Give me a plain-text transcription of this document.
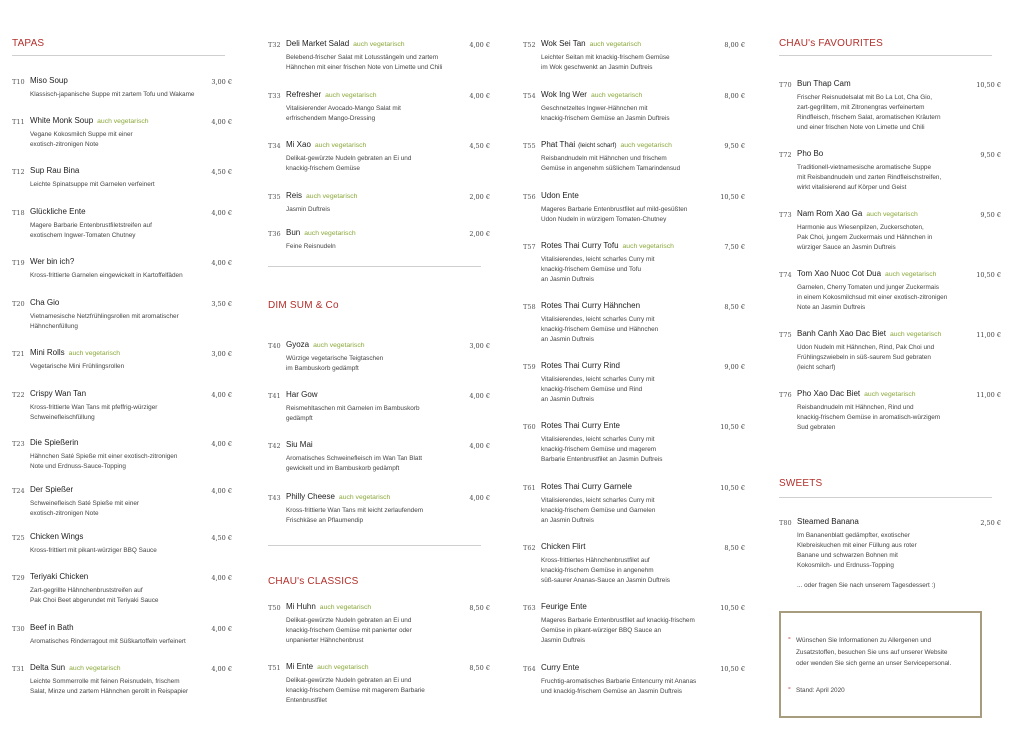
TAPAS
T10 Miso Soup	3,00 €
Klassisch-japanische Suppe mit zartem Tofu und Wakame
T11 White Monk Soup auch vegetarisch	4,00 €
Vegane Kokosmilch Suppe mit einer
exotisch-zitronigen Note
T12 Sup Rau Bina	4,50 €
Leichte Spinatsuppe mit Garnelen verfeinert
T18 Glückliche Ente	4,00 €
Magere Barbarie Entenbrustfiletstreifen auf
exotischem Ingwer-Tomaten Chutney
T19 Wer bin ich?	4,00 €
Kross-frittierte Garnelen eingewickelt in Kartoffelfäden
T20 Cha Gio	3,50 €
Vietnamesische Netzfrühlingsrollen mit aromatischer
Hähnchenfüllung
T21 Mini Rolls auch vegetarisch	3,00 €
Vegetarische Mini Frühlingsrollen
T22 Crispy Wan Tan	4,00 €
Kross-frittierte Wan Tans mit pfeffrig-würziger
Schweinefleischfüllung
T23 Die Spießerin	4,00 €
Hähnchen Saté Spieße mit einer exotisch-zitronigen
Note und Erdnuss-Sauce-Topping
T24 Der Spießer	4,00 €
Schweinefleisch Saté Spieße mit einer
exotisch-zitronigen Note
T25 Chicken Wings	4,50 €
Kross-frittiert mit pikant-würziger BBQ Sauce
T29 Teriyaki Chicken	4,00 €
Zart-gegrillte Hähnchenbruststreifen auf
Pak Choi Beet abgerundet mit Teriyaki Sauce
T30 Beef in Bath	4,00 €
Aromatisches Rinderragout mit Süßkartoffeln verfeinert
T31 Delta Sun auch vegetarisch	4,00 €
Leichte Sommerrolle mit feinen Reisnudeln, frischem
Salat, Minze und zartem Hähnchen gerollt in Reispapier
T32 Deli Market Salad auch vegetarisch	4,00 €
Belebend-frischer Salat mit Lotusstängeln und zartem
Hähnchen mit einer frischen Note von Limette und Chili
T33 Refresher auch vegetarisch	4,00 €
Vitalisierender Avocado-Mango Salat mit
erfrischendem Mango-Dressing
T34 Mi Xao auch vegetarisch	4,50 €
Delikat-gewürzte Nudeln gebraten an Ei und
knackig-frischem Gemüse
T35 Reis auch vegetarisch	2,00 €
Jasmin Duftreis
T36 Bun auch vegetarisch	2,00 €
Feine Reisnudeln
DIM SUM & Co
T40 Gyoza auch vegetarisch	3,00 €
Würzige vegetarische Teigtaschen
im Bambuskorb gedämpft
T41 Har Gow	4,00 €
Reismehltaschen mit Garnelen im Bambuskorb
gedämpft
T42 Siu Mai	4,00 €
Aromatisches Schweinefleisch im Wan Tan Blatt
gewickelt und im Bambuskorb gedämpft
T43 Philly Cheese auch vegetarisch	4,00 €
Kross-frittierte Wan Tans mit leicht zerlaufendem
Frischkäse an Pflaumendip
CHAU's CLASSICS
T50 Mi Huhn auch vegetarisch	8,50 €
Delikat-gewürzte Nudeln gebraten an Ei und
knackig-frischem Gemüse mit panierter oder
unpanierter Hähnchenbrust
T51 Mi Ente auch vegetarisch	8,50 €
Delikat-gewürzte Nudeln gebraten an Ei und
knackig-frischem Gemüse mit magerem Barbarie
Entenbrustfilet
T52 Wok Sei Tan auch vegetarisch	8,00 €
Leichter Seitan mit knackig-frischem Gemüse
im Wok geschwenkt an Jasmin Duftreis
T54 Wok Ing Wer auch vegetarisch	8,00 €
Geschnetzeltes Ingwer-Hähnchen mit
knackig-frischem Gemüse an Jasmin Duftreis
T55 Phat Thai (leicht scharf) auch vegetarisch	9,50 €
Reisbandnudeln mit Hähnchen und frischem
Gemüse in angenehm süßlichem Tamarindensud
T56 Udon Ente	10,50 €
Mageres Barbarie Entenbrustfilet auf mild-gesüßten
Udon Nudeln in würzigem Tomaten-Chutney
T57 Rotes Thai Curry Tofu auch vegetarisch	7,50 €
Vitalisierendes, leicht scharfes Curry mit
knackig-frischem Gemüse und Tofu
an Jasmin Duftreis
T58 Rotes Thai Curry Hähnchen	8,50 €
Vitalisierendes, leicht scharfes Curry mit
knackig-frischem Gemüse und Hähnchen
an Jasmin Duftreis
T59 Rotes Thai Curry Rind	9,00 €
Vitalisierendes, leicht scharfes Curry mit
knackig-frischem Gemüse und Rind
an Jasmin Duftreis
T60 Rotes Thai Curry Ente	10,50 €
Vitalisierendes, leicht scharfes Curry mit
knackig-frischem Gemüse und magerem
Barbarie Entenbrustfilet an Jasmin Duftreis
T61 Rotes Thai Curry Garnele	10,50 €
Vitalisierendes, leicht scharfes Curry mit
knackig-frischem Gemüse und Garnelen
an Jasmin Duftreis
T62 Chicken Flirt	8,50 €
Kross-frittiertes Hähnchenbrustfilet auf
knackig-frischem Gemüse in angenehm
süß-saurer Ananas-Sauce an Jasmin Duftreis
T63 Feurige Ente	10,50 €
Mageres Barbarie Entenbrustfilet auf knackig-frischem
Gemüse in pikant-würziger BBQ Sauce an
Jasmin Duftreis
T64 Curry Ente	10,50 €
Fruchtig-aromatisches Barbarie Entencurry mit Ananas
und knackig-frischem Gemüse an Jasmin Duftreis
CHAU's FAVOURITES
T70 Bun Thap Cam	10,50 €
Frischer Reisnudelsalat mit Bo La Lot, Cha Gio,
zart-gegrilltem, mit Zitronengras verfeinertem
Rindfleisch, frischem Salat, aromatischen Kräutern
und einer frischen Note von Limette und Chili
T72 Pho Bo	9,50 €
Traditionell-vietnamesische aromatische Suppe
mit Reisbandnudeln und zarten Rindfleischstreifen,
wirkt vitalisierend auf Körper und Geist
T73 Nam Rom Xao Ga auch vegetarisch	9,50 €
Harmonie aus Wiesenpilzen, Zuckerschoten,
Pak Choi, jungem Zuckermais und Hähnchen in
würziger Sauce an Jasmin Duftreis
T74 Tom Xao Nuoc Cot Dua auch vegetarisch	10,50 €
Garnelen, Cherry Tomaten und junger Zuckermais
in einem Kokosmilchsud mit einer exotisch-zitronigen
Note an Jasmin Duftreis
T75 Banh Canh Xao Dac Biet auch vegetarisch	11,00 €
Udon Nudeln mit Hähnchen, Rind, Pak Choi und
Frühlingszwiebeln in süß-saurem Sud gebraten
(leicht scharf)
T76 Pho Xao Dac Biet auch vegetarisch	11,00 €
Reisbandnudeln mit Hähnchen, Rind und
knackig-frischem Gemüse in aromatisch-würzigem
Sud gebraten
SWEETS
T80 Steamed Banana	2,50 €
Im Bananenblatt gedämpfter, exotischer
Klebreiskuchen mit einer Füllung aus roter
Banane und schwarzen Bohnen mit
Kokosmilch- und Erdnuss-Topping
... oder fragen Sie nach unserem Tagesdessert :)
° Wünschen Sie Informationen zu Allergenen und
Zusatzstoffen, besuchen Sie uns auf unserer Website
oder wenden Sie sich gerne an unser Servicepersonal.
° Stand: April 2020
